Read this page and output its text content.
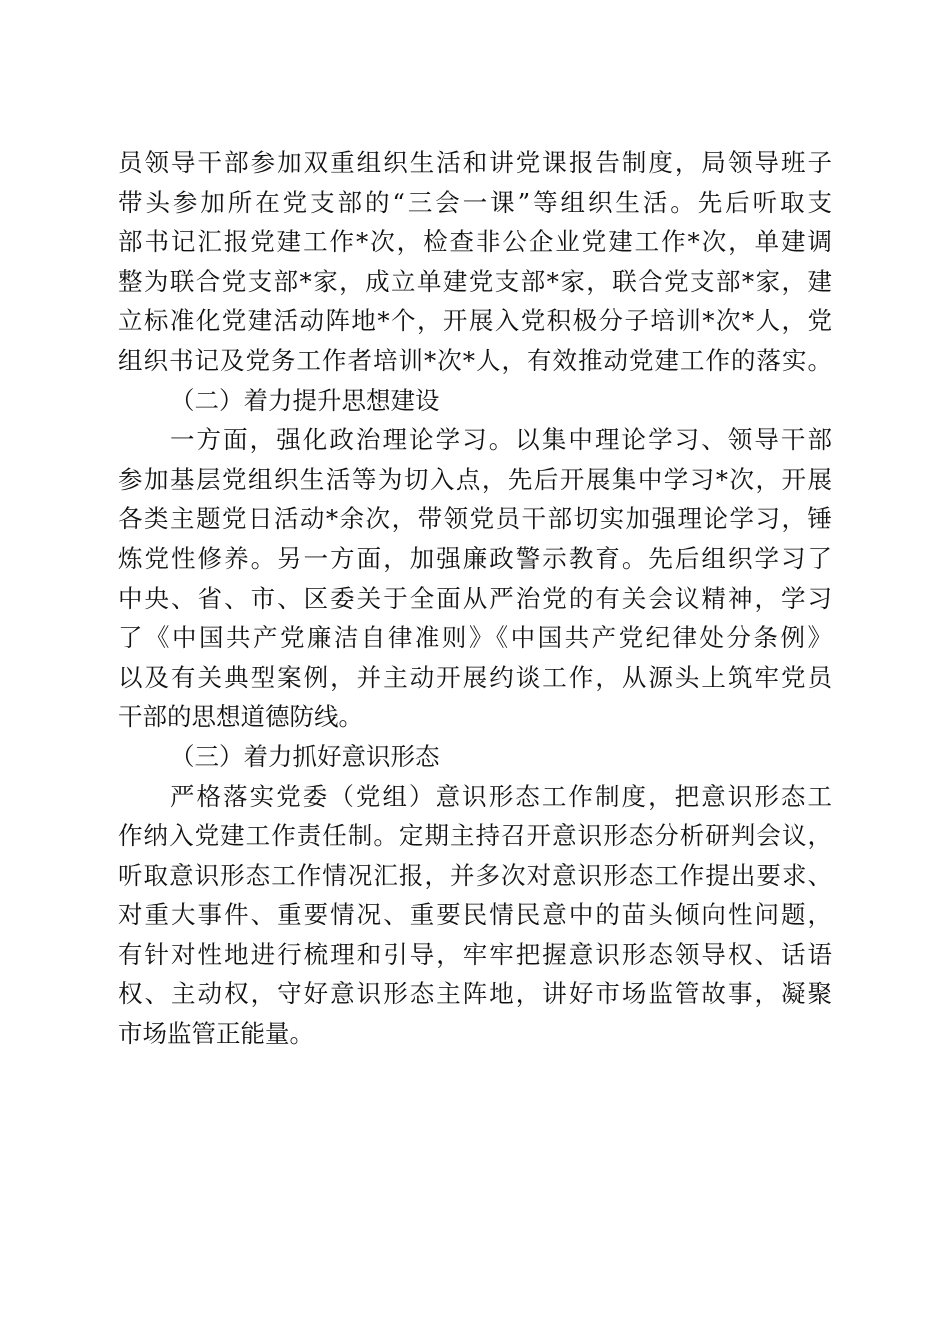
员领导干部参加双重组织生活和讲党课报告制度，局领导班子
带头参加所在党支部的“三会一课”等组织生活。先后听取支
部书记汇报党建工作*次，检查非公企业党建工作*次，单建调
整为联合党支部*家，成立单建党支部*家，联合党支部*家，建
立标准化党建活动阵地*个，开展入党积极分子培训*次*人，党
组织书记及党务工作者培训*次*人，有效推动党建工作的落实。
（二）着力提升思想建设
一方面，强化政治理论学习。以集中理论学习、领导干部
参加基层党组织生活等为切入点，先后开展集中学习*次，开展
各类主题党日活动*余次，带领党员干部切实加强理论学习，锤
炼党性修养。另一方面，加强廉政警示教育。先后组织学习了
中央、省、市、区委关于全面从严治党的有关会议精神，学习
了《中国共产党廉洁自律准则》《中国共产党纪律处分条例》
以及有关典型案例，并主动开展约谈工作，从源头上筑牢党员
干部的思想道德防线。
（三）着力抓好意识形态
严格落实党委（党组）意识形态工作制度，把意识形态工
作纳入党建工作责任制。定期主持召开意识形态分析研判会议，
听取意识形态工作情况汇报，并多次对意识形态工作提出要求、
对重大事件、重要情况、重要民情民意中的苗头倾向性问题，
有针对性地进行梳理和引导，牢牢把握意识形态领导权、话语
权、主动权，守好意识形态主阵地，讲好市场监管故事，凝聚
市场监管正能量。
